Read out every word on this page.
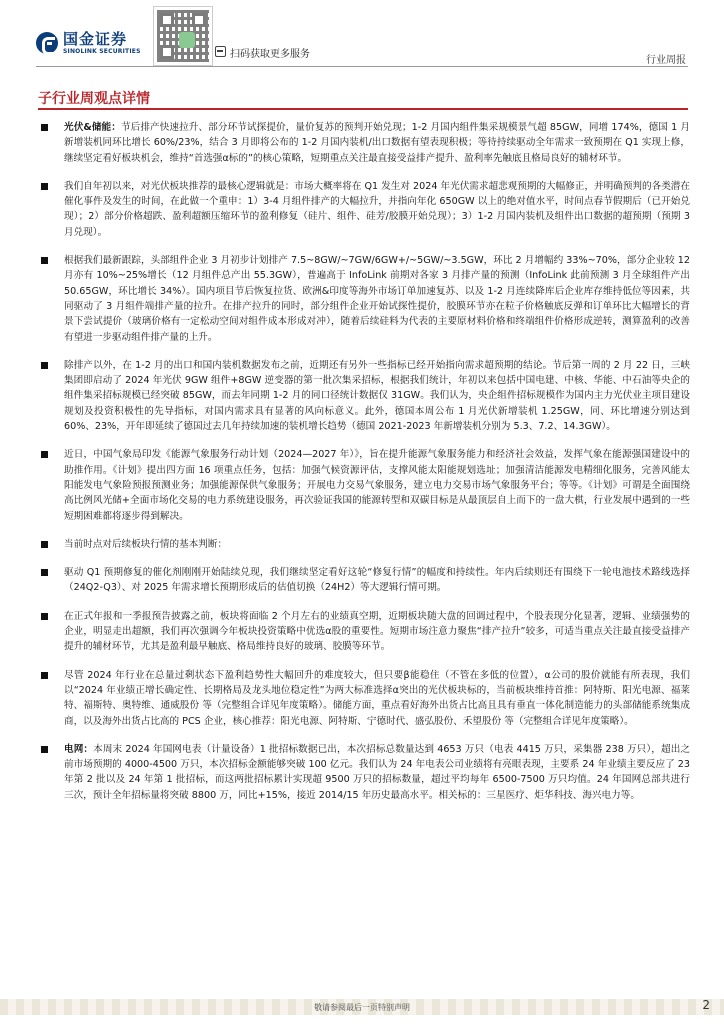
国金证券
SINOLINK SECURITIES	扫码获取更多服务
行业周报
子行业周观点详情
光伏&储能：节后排产快速拉升、部分环节试探提价，量价复苏的预判开始兑现；1-2 月国内组件集采规模景气超 85GW，同增 174%，德国 1 月新增装机同环比增长 60%/23%，结合 3 月即将公布的 1-2 月国内装机/出口数据有望表现积极；等待持续驱动全年需求一致预期在 Q1 实现上修，继续坚定看好板块机会，维持“首选强α标的”的核心策略，短期重点关注最直接受益排产提升、盈利率先触底且格局良好的辅材环节。
我们自年初以来，对光伏板块推荐的最核心逻辑就是：市场大概率将在 Q1 发生对 2024 年光伏需求超悲观预期的大幅修正，并明确预判的各类潜在催化事件及发生的时间，在此做一个重申：1）3-4 月组件排产的大幅拉升，并指向年化 650GW 以上的绝对值水平，时间点春节假期后（已开始兑现）；2）部分价格超跌、盈利超额压缩环节的盈利修复（硅片、组件、硅芳/胶膜开始兑现）；3）1-2 月国内装机及组件出口数据的超预期（预期 3 月兑现）。
根据我们最新跟踪，头部组件企业 3 月初步计划排产 7.5~8GW/~7GW/6GW+/~5GW/~3.5GW，环比 2 月增幅约 33%~70%，部分企业较 12 月亦有 10%~25%增长（12 月组件总产出 55.3GW），普遍高于 InfoLink 前期对各家 3 月排产量的预测（InfoLink 此前预测 3 月全球组件产出 50.65GW，环比增长 34%）。国内项目节后恢复拉货、欧洲&印度等海外市场订单加速复苏、以及 1-2 月连续降库后企业库存维持低位等因素，共同驱动了 3 月组件端排产量的拉升。在排产拉升的同时，部分组件企业开始试探性提价，胶膜环节亦在粒子价格触底反弹和订单环比大幅增长的背景下尝试提价（玻璃价格有一定松动空间对组件成本形成对冲），随着后续硅料为代表的主要原材料价格和终端组件价格形成逆转，测算盈利的改善有望进一步驱动组件排产量的上升。
除排产以外，在 1-2 月的出口和国内装机数据发布之前，近期还有另外一些指标已经开始指向需求超预期的结论。节后第一周的 2 月 22 日，三峡集团即启动了 2024 年光伏 9GW 组件+8GW 逆变器的第一批次集采招标，根据我们统计，年初以来包括中国电建、中核、华能、中石油等央企的组件集采招标规模已经突破 85GW，而去年同期 1-2 月的同口径统计数据仅 31GW。我们认为，央企组件招标规模作为国内主力光伏业主项目建设规划及投资积极性的先导指标，对国内需求具有显著的风向标意义。此外，德国本周公布 1 月光伏新增装机 1.25GW，同、环比增速分别达到 60%、23%，开年即延续了德国过去几年持续加速的装机增长趋势（德国 2021-2023 年新增装机分别为 5.3、7.2、14.3GW）。
近日，中国气象局印发《能源气象服务行动计划（2024—2027 年）》，旨在提升能源气象服务能力和经济社会效益，发挥气象在能源强国建设中的助推作用。《计划》提出四方面 16 项重点任务，包括：加强气候资源评估，支撑风能太阳能规划选址；加强清洁能源发电精细化服务，完善风能太阳能发电气象险预报预测业务；加强能源保供气象服务；开展电力交易气象服务，建立电力交易市场气象服务平台；等等。《计划》可谓是全面围绕高比例风光储+全面市场化交易的电力系统建设服务，再次验证我国的能源转型和双碳目标是从最顶层自上而下的一盘大棋，行业发展中遇到的一些短期困难都将逐步得到解决。
当前时点对后续板块行情的基本判断：
驱动 Q1 预期修复的催化剂刚刚开始陆续兑现，我们继续坚定看好这轮“修复行情”的幅度和持续性。年内后续则还有围绕下一轮电池技术路线选择（24Q2-Q3）、对 2025 年需求增长预期形成后的估值切换（24H2）等大逻辑行情可期。
在正式年报和一季报预告披露之前，板块将面临 2 个月左右的业绩真空期，近期板块随大盘的回调过程中，个股表现分化显著，逻辑、业绩强势的企业，明显走出超额，我们再次强调今年板块投资策略中优选α股的重要性。短期市场注意力聚焦“排产拉升”较多，可适当重点关注最直接受益排产提升的辅材环节，尤其是盈利最早触底、格局维持良好的玻璃、胶膜等环节。
尽管 2024 年行业在总量过剩状态下盈利趋势性大幅回升的难度较大，但只要β能稳住（不管在多低的位置），α公司的股价就能有所表现，我们以“2024 年业绩正增长确定性、长期格局及龙头地位稳定性”为两大标准选择α突出的光伏板块标的，当前板块维持首推：阿特斯、阳光电源、福莱特、福斯特、奥特维、通威股份 等（完整组合详见年度策略）。储能方面，重点看好海外出货占比高且具有垂直一体化制造能力的头部储能系统集成商，以及海外出货占比高的 PCS 企业，核心推荐：阳光电源、阿特斯、宁德时代、盛弘股份、禾望股份 等（完整组合详见年度策略）。
电网：本周末 2024 年国网电表（计量设备）1 批招标数据已出，本次招标总数量达到 4653 万只（电表 4415 万只，采集器 238 万只），超出之前市场预期的 4000-4500 万只，本次招标金额能够突破 100 亿元。我们认为 24 年电表公司业绩将有亮眼表现，主要系 24 年业绩主要反应了 23 年第 2 批以及 24 年第 1 批招标，而这两批招标累计实现超 9500 万只的招标数量，超过平均每年 6500-7500 万只均值。24 年国网总部共进行三次，预计全年招标量将突破 8800 万，同比+15%，接近 2014/15 年历史最高水平。相关标的：三星医疗、炬华科技、海兴电力等。
敬请参阅最后一页特别声明	2
